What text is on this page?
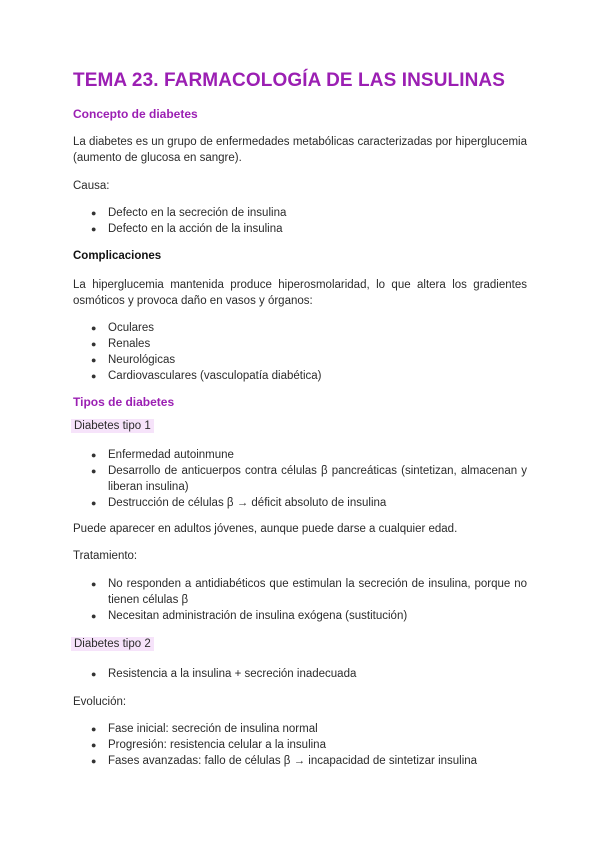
TEMA 23. FARMACOLOGÍA DE LAS INSULINAS
Concepto de diabetes
La diabetes es un grupo de enfermedades metabólicas caracterizadas por hiperglucemia (aumento de glucosa en sangre).
Causa:
● Defecto en la secreción de insulina
● Defecto en la acción de la insulina
Complicaciones
La hiperglucemia mantenida produce hiperosmolaridad, lo que altera los gradientes osmóticos y provoca daño en vasos y órganos:
● Oculares
● Renales
● Neurológicas
● Cardiovasculares (vasculopatía diabética)
Tipos de diabetes
Diabetes tipo 1
● Enfermedad autoinmune
● Desarrollo de anticuerpos contra células β pancreáticas (sintetizan, almacenan y liberan insulina)
● Destrucción de células β → déficit absoluto de insulina
Puede aparecer en adultos jóvenes, aunque puede darse a cualquier edad.
Tratamiento:
● No responden a antidiabéticos que estimulan la secreción de insulina, porque no tienen células β
● Necesitan administración de insulina exógena (sustitución)
Diabetes tipo 2
● Resistencia a la insulina + secreción inadecuada
Evolución:
● Fase inicial: secreción de insulina normal
● Progresión: resistencia celular a la insulina
● Fases avanzadas: fallo de células β → incapacidad de sintetizar insulina
